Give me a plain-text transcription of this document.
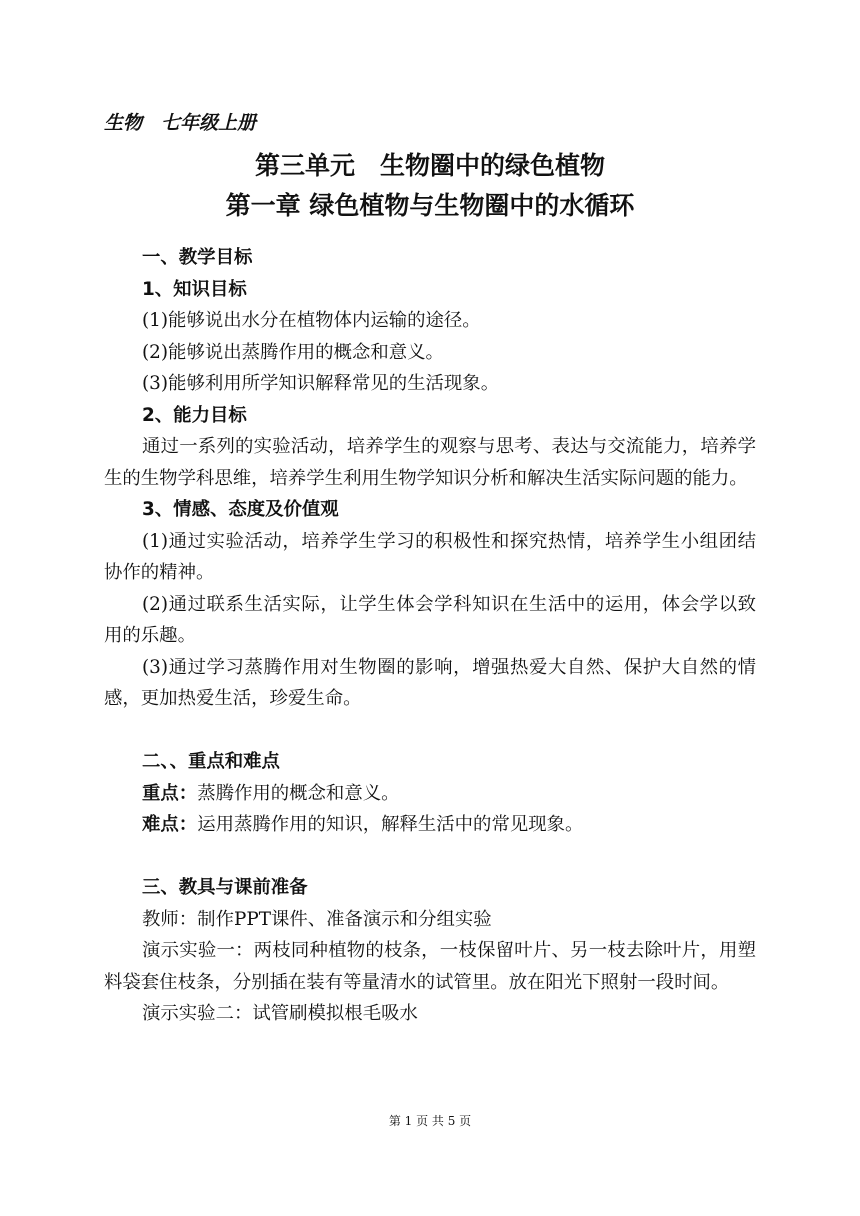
生物　七年级上册
第三单元　生物圈中的绿色植物
第一章 绿色植物与生物圈中的水循环

一、教学目标

1、知识目标

(1)能够说出水分在植物体内运输的途径。

(2)能够说出蒸腾作用的概念和意义。

(3)能够利用所学知识解释常见的生活现象。

2、能力目标

通过一系列的实验活动，培养学生的观察与思考、表达与交流能力，培养学生的生物学科思维，培养学生利用生物学知识分析和解决生活实际问题的能力。

3、情感、态度及价值观

(1)通过实验活动，培养学生学习的积极性和探究热情，培养学生小组团结协作的精神。

(2)通过联系生活实际，让学生体会学科知识在生活中的运用，体会学以致用的乐趣。

(3)通过学习蒸腾作用对生物圈的影响，增强热爱大自然、保护大自然的情感，更加热爱生活，珍爱生命。

二、、重点和难点

重点：蒸腾作用的概念和意义。

难点：运用蒸腾作用的知识，解释生活中的常见现象。

三、教具与课前准备

教师：制作PPT课件、准备演示和分组实验

演示实验一：两枝同种植物的枝条，一枝保留叶片、另一枝去除叶片，用塑料袋套住枝条，分别插在装有等量清水的试管里。放在阳光下照射一段时间。

演示实验二：试管刷模拟根毛吸水

第 1 页 共 5 页
